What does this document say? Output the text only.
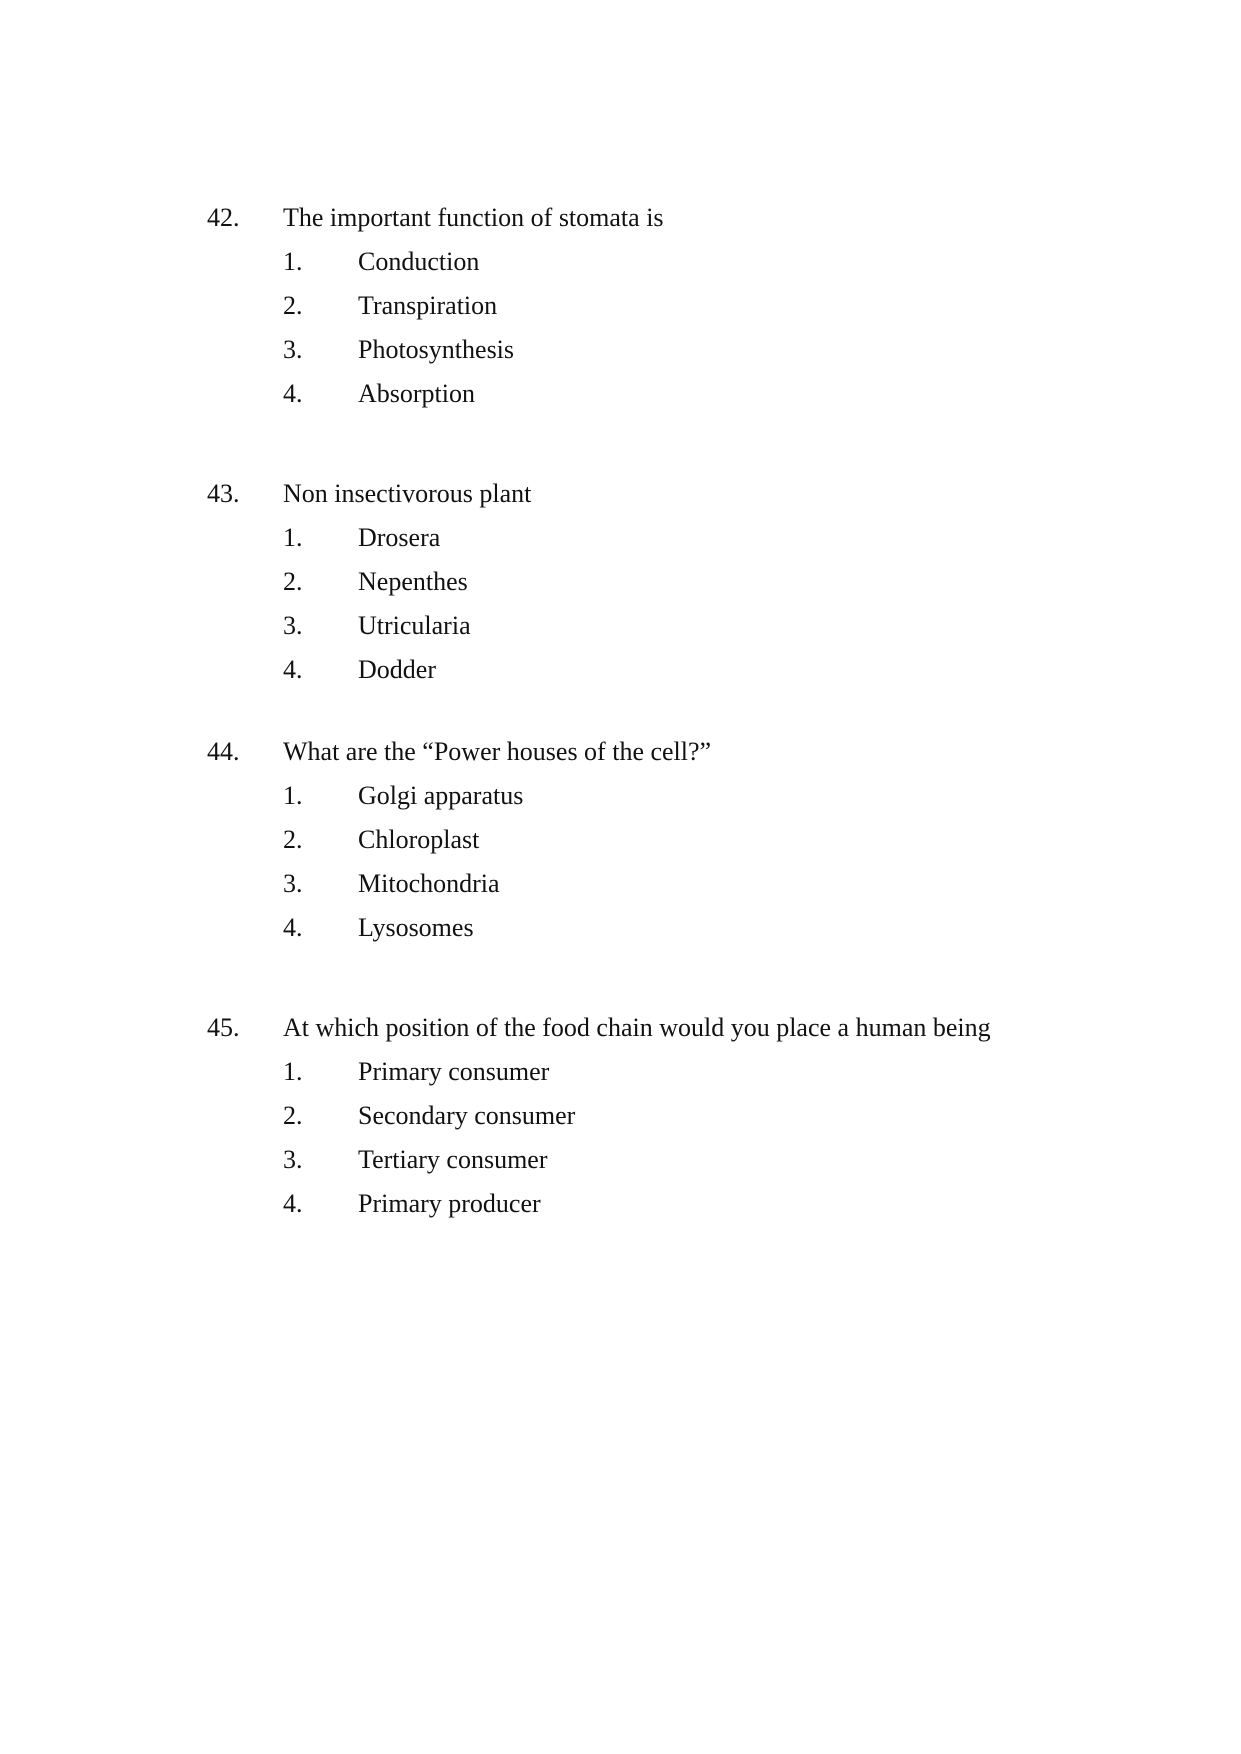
42. The important function of stomata is
1. Conduction
2. Transpiration
3. Photosynthesis
4. Absorption
43. Non insectivorous plant
1. Drosera
2. Nepenthes
3. Utricularia
4. Dodder
44. What are the “Power houses of the cell?”
1. Golgi apparatus
2. Chloroplast
3. Mitochondria
4. Lysosomes
45. At which position of the food chain would you place a human being
1. Primary consumer
2. Secondary consumer
3. Tertiary consumer
4. Primary producer
